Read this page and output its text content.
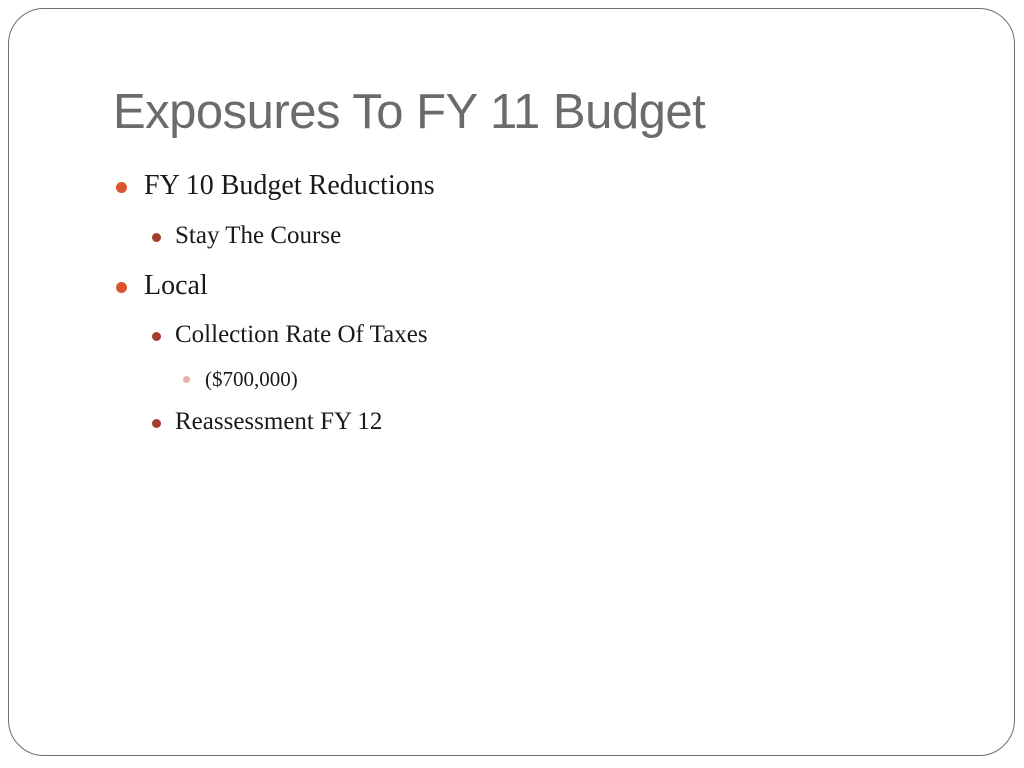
Exposures To FY 11 Budget
FY 10 Budget Reductions
Stay The Course
Local
Collection Rate Of Taxes
($700,000)
Reassessment FY 12
